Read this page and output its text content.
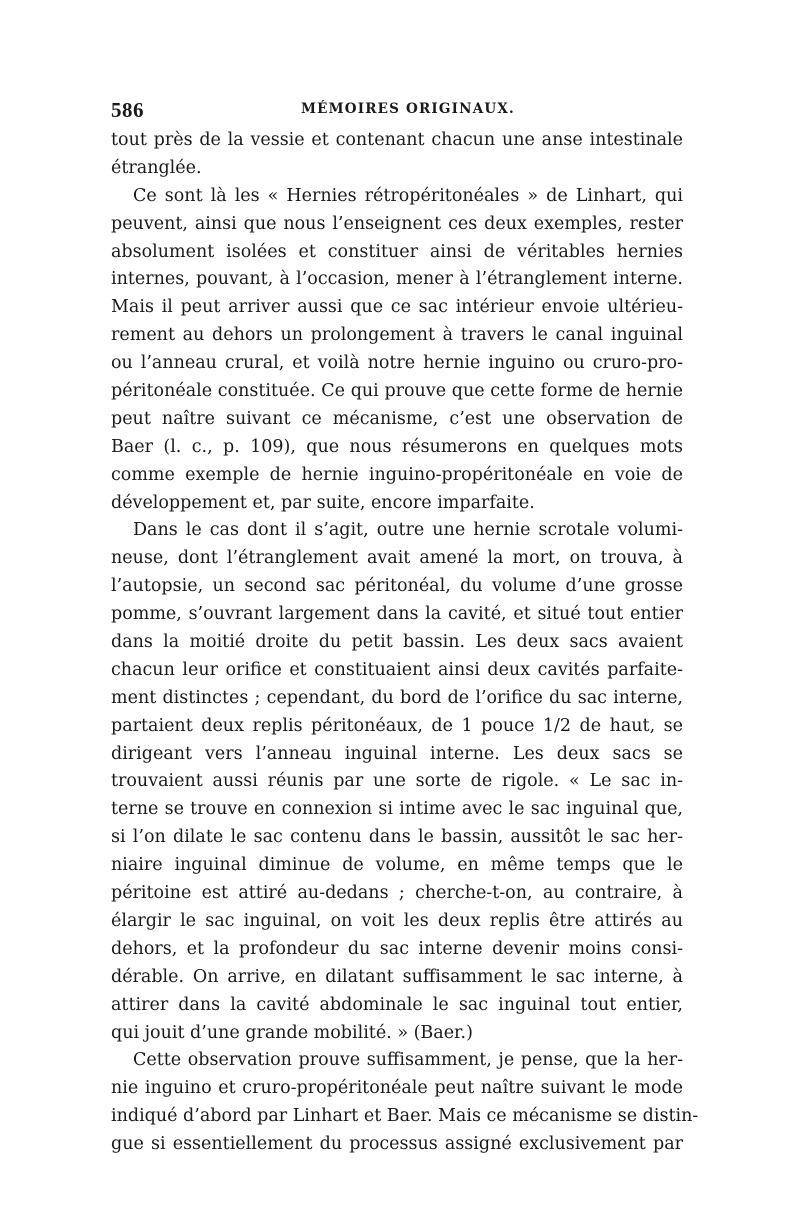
586	MÉMOIRES ORIGINAUX.
tout près de la vessie et contenant chacun une anse intestinale
étranglée.
Ce sont là les « Hernies rétropéritonéales » de Linhart, qui
peuvent, ainsi que nous l’enseignent ces deux exemples, rester
absolument isolées et constituer ainsi de véritables hernies
internes, pouvant, à l’occasion, mener à l’étranglement interne.
Mais il peut arriver aussi que ce sac intérieur envoie ultérieu-
rement au dehors un prolongement à travers le canal inguinal
ou l’anneau crural, et voilà notre hernie inguino ou cruro-pro-
péritonéale constituée. Ce qui prouve que cette forme de hernie
peut naître suivant ce mécanisme, c’est une observation de
Baer (l. c., p. 109), que nous résumerons en quelques mots
comme exemple de hernie inguino-propéritonéale en voie de
développement et, par suite, encore imparfaite.
Dans le cas dont il s’agit, outre une hernie scrotale volumi-
neuse, dont l’étranglement avait amené la mort, on trouva, à
l’autopsie, un second sac péritonéal, du volume d’une grosse
pomme, s’ouvrant largement dans la cavité, et situé tout entier
dans la moitié droite du petit bassin. Les deux sacs avaient
chacun leur orifice et constituaient ainsi deux cavités parfaite-
ment distinctes ; cependant, du bord de l’orifice du sac interne,
partaient deux replis péritonéaux, de 1 pouce 1/2 de haut, se
dirigeant vers l’anneau inguinal interne. Les deux sacs se
trouvaient aussi réunis par une sorte de rigole. « Le sac in-
terne se trouve en connexion si intime avec le sac inguinal que,
si l’on dilate le sac contenu dans le bassin, aussitôt le sac her-
niaire inguinal diminue de volume, en même temps que le
péritoine est attiré au-dedans ; cherche-t-on, au contraire, à
élargir le sac inguinal, on voit les deux replis être attirés au
dehors, et la profondeur du sac interne devenir moins consi-
dérable. On arrive, en dilatant suffisamment le sac interne, à
attirer dans la cavité abdominale le sac inguinal tout entier,
qui jouit d’une grande mobilité. » (Baer.)
Cette observation prouve suffisamment, je pense, que la her-
nie inguino et cruro-propéritonéale peut naître suivant le mode
indiqué d’abord par Linhart et Baer. Mais ce mécanisme se distin-
gue si essentiellement du processus assigné exclusivement par
